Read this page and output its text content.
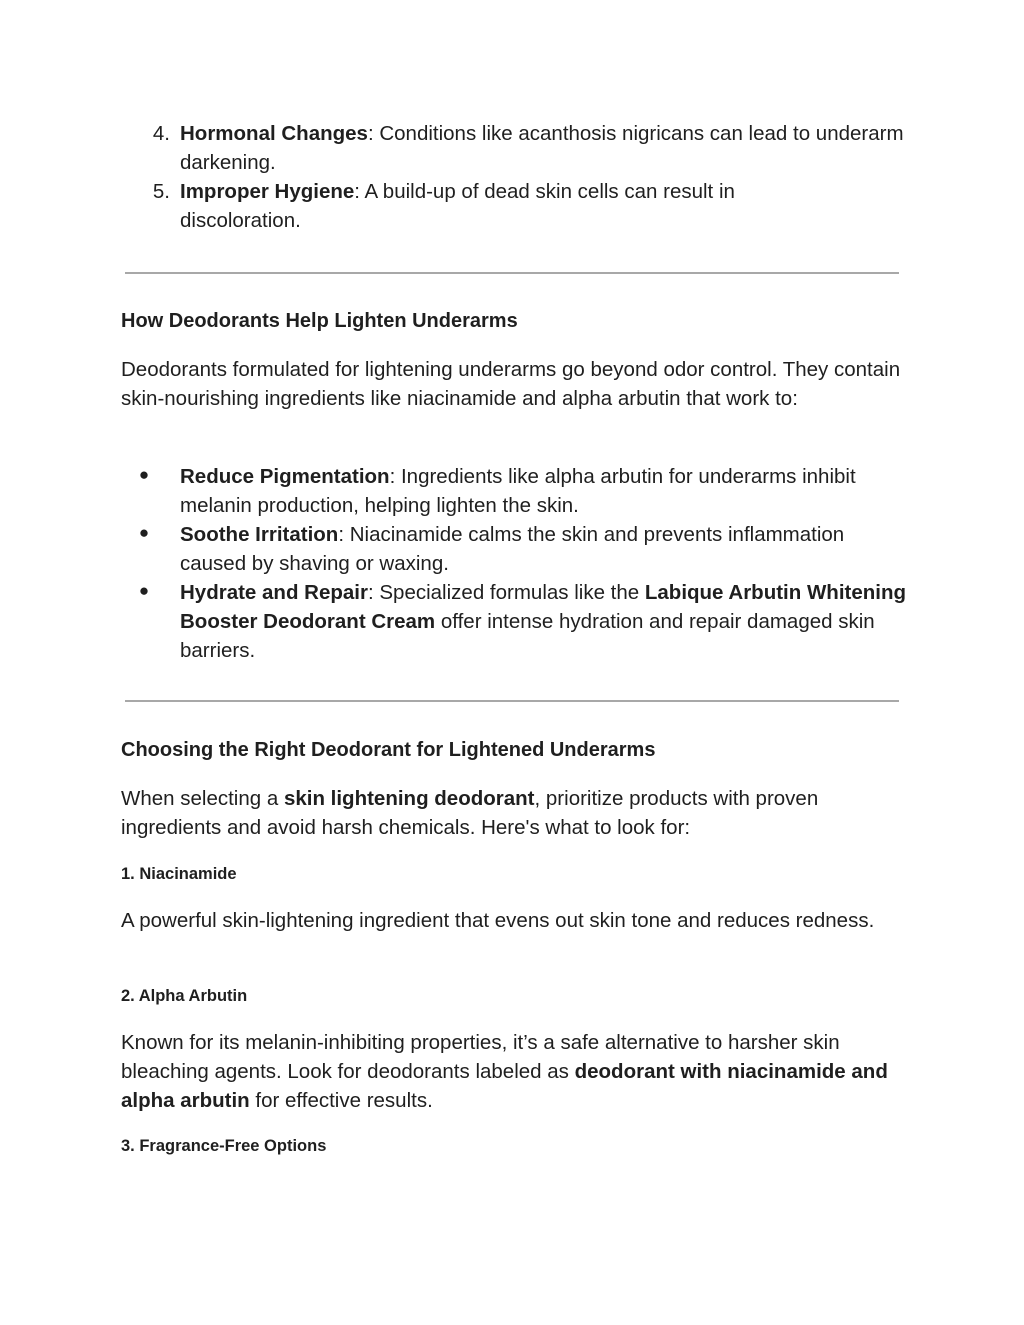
4. Hormonal Changes: Conditions like acanthosis nigricans can lead to underarm darkening.
5. Improper Hygiene: A build-up of dead skin cells can result in discoloration.
How Deodorants Help Lighten Underarms
Deodorants formulated for lightening underarms go beyond odor control. They contain skin-nourishing ingredients like niacinamide and alpha arbutin that work to:
● Reduce Pigmentation: Ingredients like alpha arbutin for underarms inhibit melanin production, helping lighten the skin.
● Soothe Irritation: Niacinamide calms the skin and prevents inflammation caused by shaving or waxing.
● Hydrate and Repair: Specialized formulas like the Labique Arbutin Whitening Booster Deodorant Cream offer intense hydration and repair damaged skin barriers.
Choosing the Right Deodorant for Lightened Underarms
When selecting a skin lightening deodorant, prioritize products with proven ingredients and avoid harsh chemicals. Here's what to look for:
1. Niacinamide
A powerful skin-lightening ingredient that evens out skin tone and reduces redness.
2. Alpha Arbutin
Known for its melanin-inhibiting properties, it’s a safe alternative to harsher skin bleaching agents. Look for deodorants labeled as deodorant with niacinamide and alpha arbutin for effective results.
3. Fragrance-Free Options
